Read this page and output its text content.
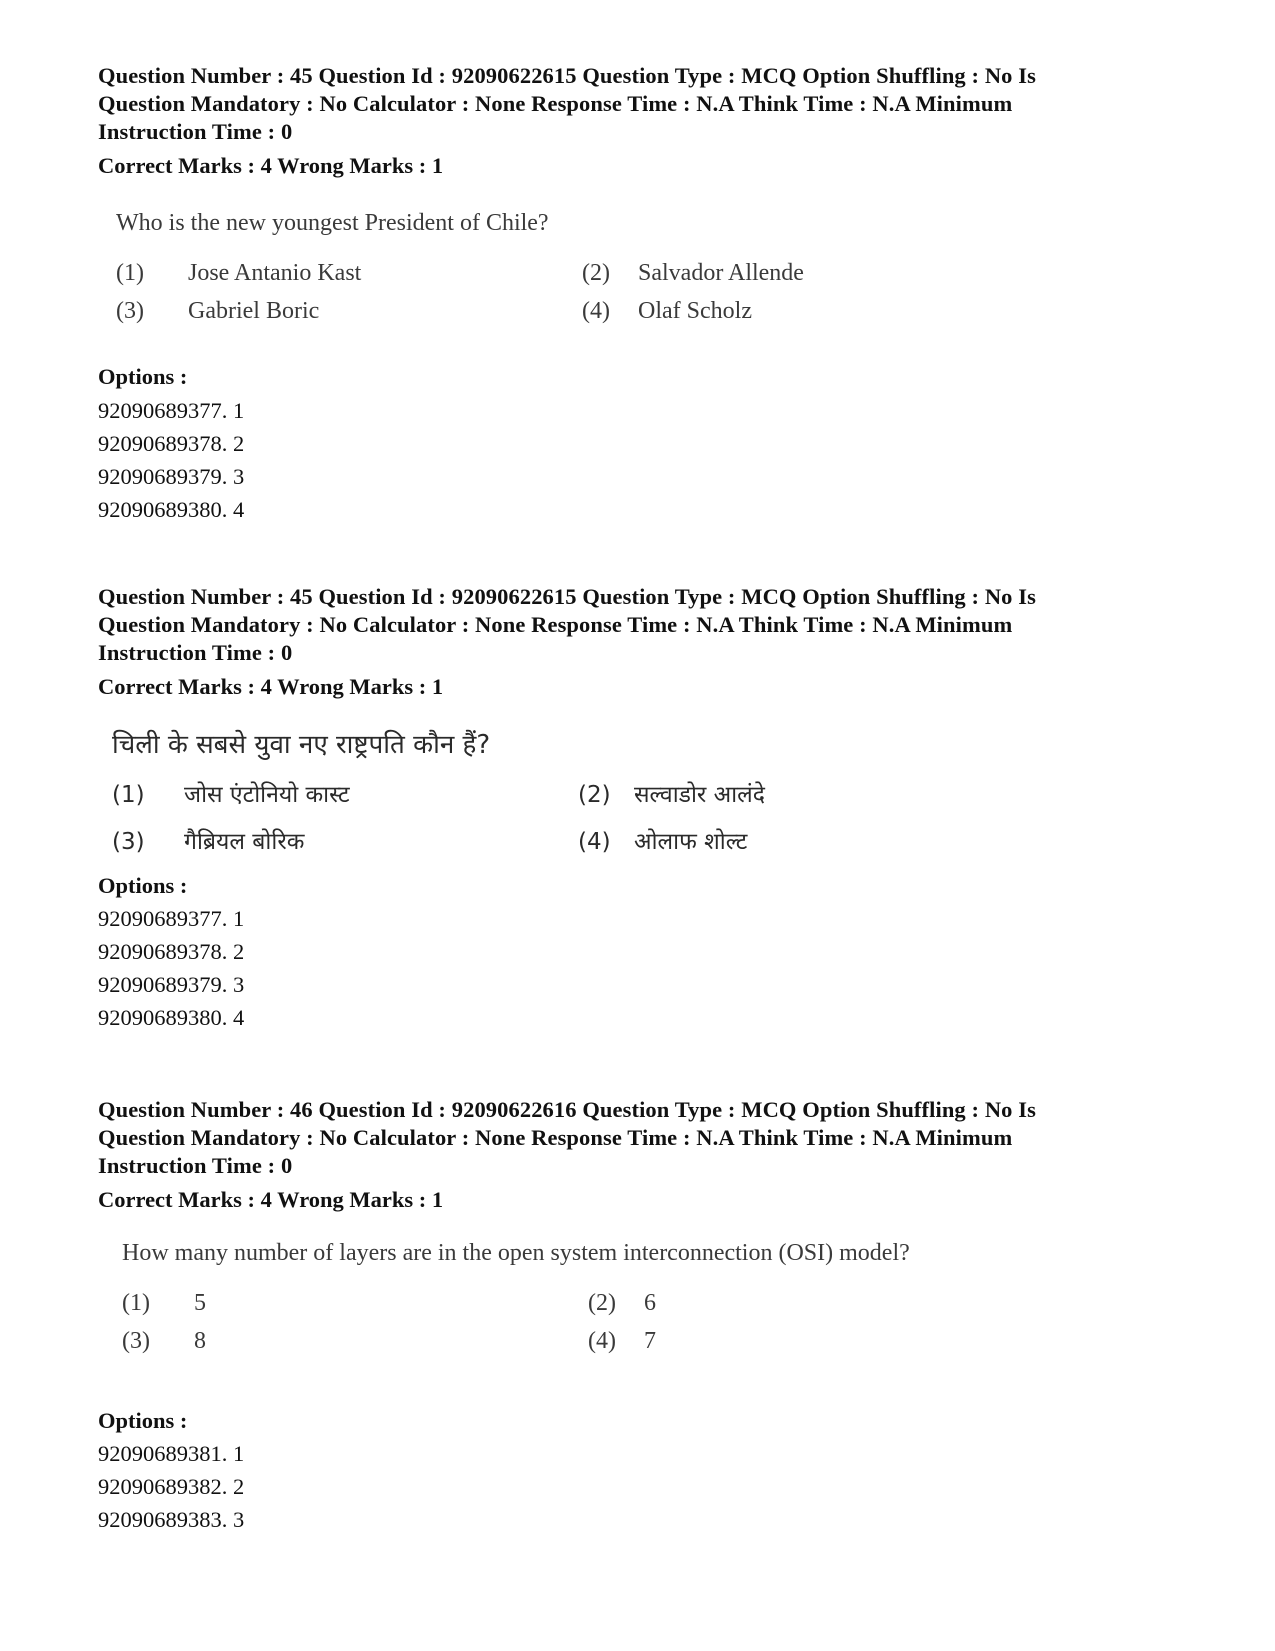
Question Number : 45 Question Id : 92090622615 Question Type : MCQ Option Shuffling : No Is
Question Mandatory : No Calculator : None Response Time : N.A Think Time : N.A Minimum
Instruction Time : 0
Correct Marks : 4 Wrong Marks : 1
Who is the new youngest President of Chile?
(1) Jose Antanio Kast	(2) Salvador Allende
(3) Gabriel Boric	(4) Olaf Scholz
Options :
92090689377. 1
92090689378. 2
92090689379. 3
92090689380. 4
Question Number : 45 Question Id : 92090622615 Question Type : MCQ Option Shuffling : No Is
Question Mandatory : No Calculator : None Response Time : N.A Think Time : N.A Minimum
Instruction Time : 0
Correct Marks : 4 Wrong Marks : 1
चिली के सबसे युवा नए राष्ट्रपति कौन हैं?
(1) जोस एंटोनियो कास्ट	(2) सल्वाडोर आलंदे
(3) गैब्रियल बोरिक	(4) ओलाफ शोल्ट
Options :
92090689377. 1
92090689378. 2
92090689379. 3
92090689380. 4
Question Number : 46 Question Id : 92090622616 Question Type : MCQ Option Shuffling : No Is
Question Mandatory : No Calculator : None Response Time : N.A Think Time : N.A Minimum
Instruction Time : 0
Correct Marks : 4 Wrong Marks : 1
How many number of layers are in the open system interconnection (OSI) model?
(1) 5	(2) 6
(3) 8	(4) 7
Options :
92090689381. 1
92090689382. 2
92090689383. 3
